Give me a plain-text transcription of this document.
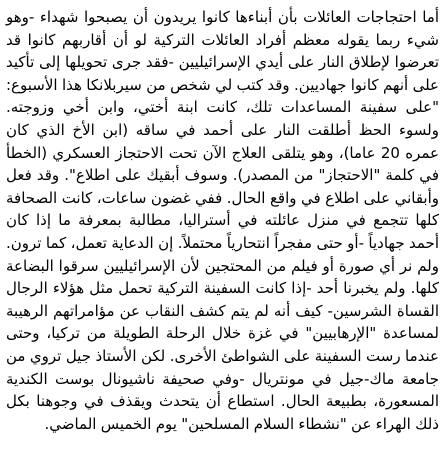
أما احتجاجات العائلات بأن أبناءها كانوا يريدون أن يصبحوا شهداء -وهو شيء ربما يقوله معظم أفراد العائلات التركية لو أن أقاربهم كانوا قد تعرضوا لإطلاق النار على أيدي الإسرائيليين -فقد جرى تحويلها إلى تأكيد على أنهم كانوا جهاديين. وقد كتب لي شخص من سيربلانكا هذا الأسبوع: "على سفينة المساعدات تلك، كانت ابنة أختي، وابن أخي وزوجته. ولسوء الحظ أطلقت النار على أحمد في ساقه (ابن الأخ الذي كان عمره 20 عاما)، وهو يتلقى العلاج الآن تحت الاحتجاز العسكري (الخطأ في كلمة "الاحتجاز" من المصدر). وسوف أبقيك على اطلاع". وقد فعل وأبقاني على اطلاع في واقع الحال. ففي غضون ساعات، كانت الصحافة كلها تتجمع في منزل عائلته في أستراليا، مطالبة بمعرفة ما إذا كان أحمد جهادياً -أو حتى مفجراً انتحارياً محتملاً. إن الدعاية تعمل، كما ترون. ولم نر أي صورة أو فيلم من المحتجين لأن الإسرائيليين سرقوا البضاعة كلها. ولم يخبرنا أحد -إذا كانت السفينة التركية تحمل مثل هؤلاء الرجال القساة الشرسين- كيف أنه لم يتم كشف النقاب عن مؤامراتهم الرهيبة لمساعدة "الإرهابيين" في غزة خلال الرحلة الطويلة من تركيا، وحتى عندما رست السفينة على الشواطئ الأخرى. لكن الأستاذ جيل تروي من جامعة ماك-جيل في مونتريال -وفي صحيفة ناشيونال بوست الكندية المسعورة، بطبيعة الحال. استطاع أن يتحدث ويقذف في وجوهنا بكل ذلك الهراء عن "نشطاء السلام المسلحين" يوم الخميس الماضي.
